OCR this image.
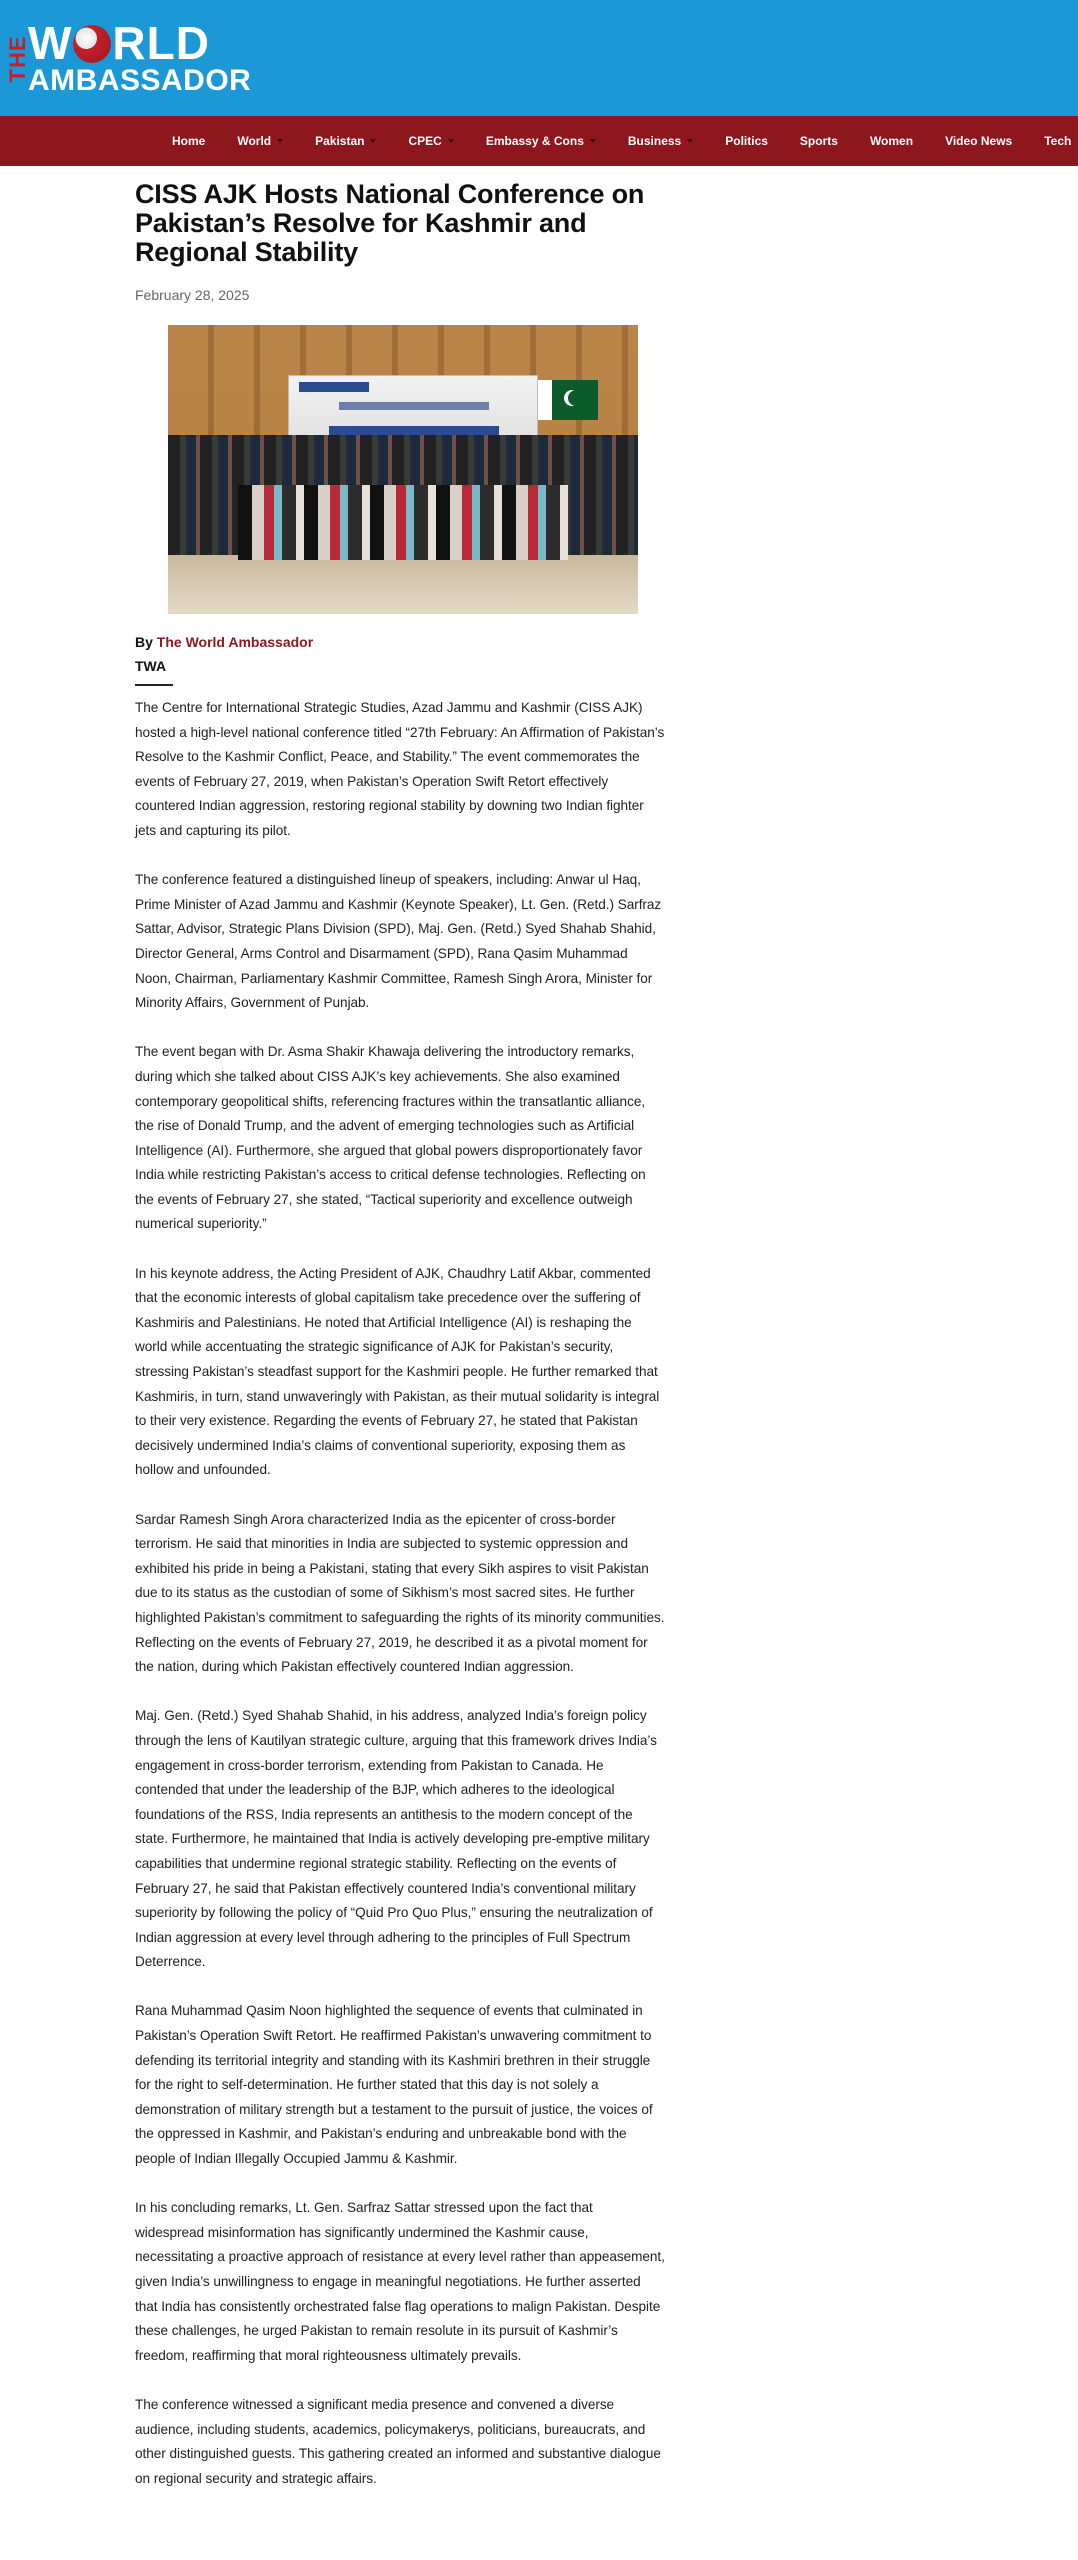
THE
W RLD
AMBASSADOR
Home	World	Pakistan	CPEC	Embassy & Cons	Business	Politics	Sports	Women	Video News	Tech
CISS AJK Hosts National Conference on Pakistan’s Resolve for Kashmir and Regional Stability
February 28, 2025
By The World Ambassador
TWA

The Centre for International Strategic Studies, Azad Jammu and Kashmir (CISS AJK) hosted a high-level national conference titled “27th February: An Affirmation of Pakistan’s Resolve to the Kashmir Conflict, Peace, and Stability.” The event commemorates the events of February 27, 2019, when Pakistan’s Operation Swift Retort effectively countered Indian aggression, restoring regional stability by downing two Indian fighter jets and capturing its pilot.

The conference featured a distinguished lineup of speakers, including: Anwar ul Haq, Prime Minister of Azad Jammu and Kashmir (Keynote Speaker), Lt. Gen. (Retd.) Sarfraz Sattar, Advisor, Strategic Plans Division (SPD), Maj. Gen. (Retd.) Syed Shahab Shahid, Director General, Arms Control and Disarmament (SPD), Rana Qasim Muhammad Noon, Chairman, Parliamentary Kashmir Committee, Ramesh Singh Arora, Minister for Minority Affairs, Government of Punjab.

The event began with Dr. Asma Shakir Khawaja delivering the introductory remarks, during which she talked about CISS AJK’s key achievements. She also examined contemporary geopolitical shifts, referencing fractures within the transatlantic alliance, the rise of Donald Trump, and the advent of emerging technologies such as Artificial Intelligence (AI). Furthermore, she argued that global powers disproportionately favor India while restricting Pakistan’s access to critical defense technologies. Reflecting on the events of February 27, she stated, “Tactical superiority and excellence outweigh numerical superiority.”

In his keynote address, the Acting President of AJK, Chaudhry Latif Akbar, commented that the economic interests of global capitalism take precedence over the suffering of Kashmiris and Palestinians. He noted that Artificial Intelligence (AI) is reshaping the world while accentuating the strategic significance of AJK for Pakistan’s security, stressing Pakistan’s steadfast support for the Kashmiri people. He further remarked that Kashmiris, in turn, stand unwaveringly with Pakistan, as their mutual solidarity is integral to their very existence. Regarding the events of February 27, he stated that Pakistan decisively undermined India’s claims of conventional superiority, exposing them as hollow and unfounded.

Sardar Ramesh Singh Arora characterized India as the epicenter of cross-border terrorism. He said that minorities in India are subjected to systemic oppression and exhibited his pride in being a Pakistani, stating that every Sikh aspires to visit Pakistan due to its status as the custodian of some of Sikhism’s most sacred sites. He further highlighted Pakistan’s commitment to safeguarding the rights of its minority communities. Reflecting on the events of February 27, 2019, he described it as a pivotal moment for the nation, during which Pakistan effectively countered Indian aggression.

Maj. Gen. (Retd.) Syed Shahab Shahid, in his address, analyzed India’s foreign policy through the lens of Kautilyan strategic culture, arguing that this framework drives India’s engagement in cross-border terrorism, extending from Pakistan to Canada. He contended that under the leadership of the BJP, which adheres to the ideological foundations of the RSS, India represents an antithesis to the modern concept of the state. Furthermore, he maintained that India is actively developing pre-emptive military capabilities that undermine regional strategic stability. Reflecting on the events of February 27, he said that Pakistan effectively countered India’s conventional military superiority by following the policy of “Quid Pro Quo Plus,” ensuring the neutralization of Indian aggression at every level through adhering to the principles of Full Spectrum Deterrence.

Rana Muhammad Qasim Noon highlighted the sequence of events that culminated in Pakistan’s Operation Swift Retort. He reaffirmed Pakistan’s unwavering commitment to defending its territorial integrity and standing with its Kashmiri brethren in their struggle for the right to self-determination. He further stated that this day is not solely a demonstration of military strength but a testament to the pursuit of justice, the voices of the oppressed in Kashmir, and Pakistan’s enduring and unbreakable bond with the people of Indian Illegally Occupied Jammu & Kashmir.

In his concluding remarks, Lt. Gen. Sarfraz Sattar stressed upon the fact that widespread misinformation has significantly undermined the Kashmir cause, necessitating a proactive approach of resistance at every level rather than appeasement, given India’s unwillingness to engage in meaningful negotiations. He further asserted that India has consistently orchestrated false flag operations to malign Pakistan. Despite these challenges, he urged Pakistan to remain resolute in its pursuit of Kashmir’s freedom, reaffirming that moral righteousness ultimately prevails.

The conference witnessed a significant media presence and convened a diverse audience, including students, academics, policymakerys, politicians, bureaucrats, and other distinguished guests. This gathering created an informed and substantive dialogue on regional security and strategic affairs.
